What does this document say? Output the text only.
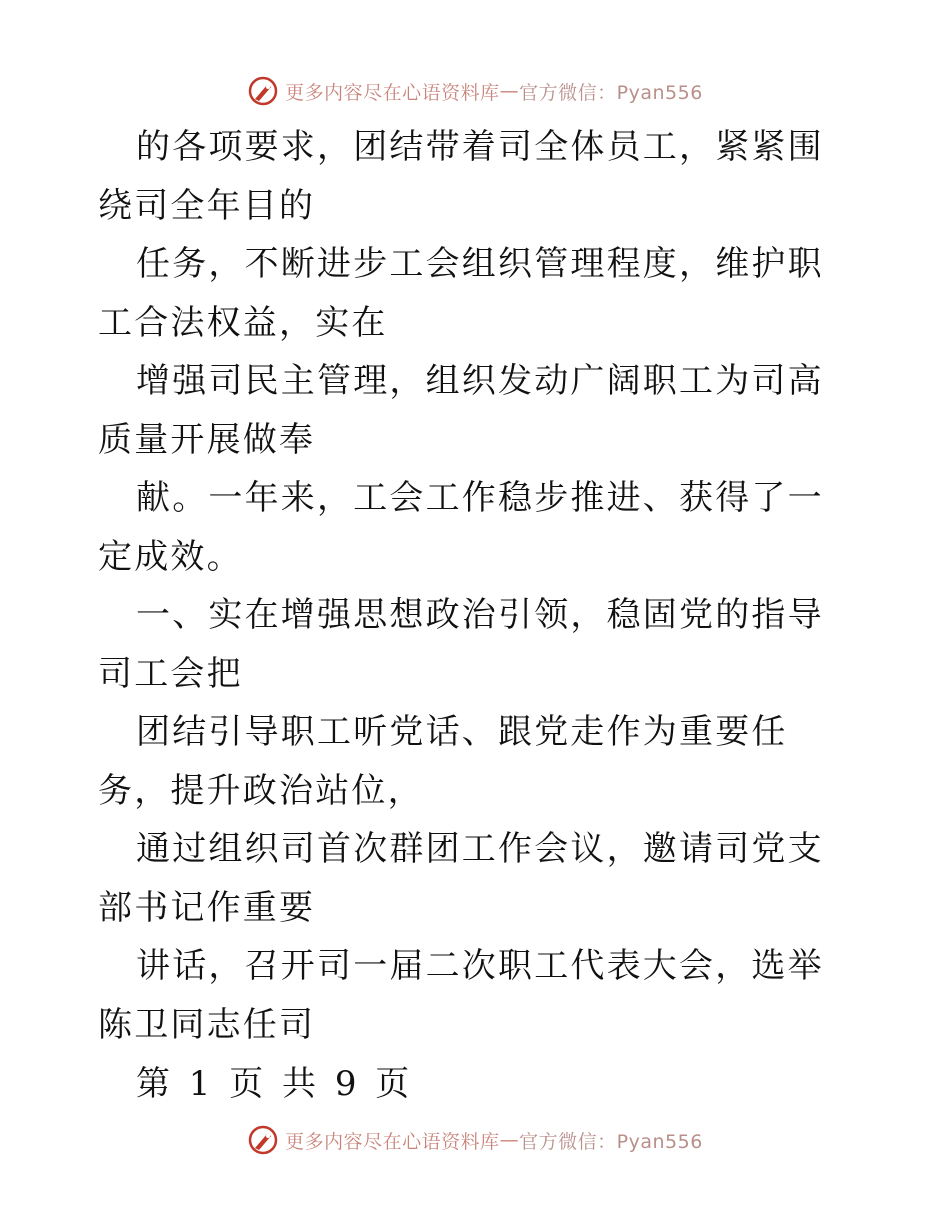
更多内容尽在心语资料库 — 官方微信：Pyan556

的各项要求，团结带着司全体员工，紧紧围绕司全年目的

任务，不断进步工会组织管理程度，维护职工合法权益，实在

增强司民主管理，组织发动广阔职工为司高质量开展做奉

献。一年来，工会工作稳步推进、获得了一定成效。

一、实在增强思想政治引领，稳固党的指导　司工会把

团结引导职工听党话、跟党走作为重要任务，提升政治站位，

通过组织司首次群团工作会议，邀请司党支部书记作重要

讲话，召开司一届二次职工代表大会，选举陈卫同志任司

第 1 页 共 9 页
更多内容尽在心语资料库 — 官方微信：Pyan556
